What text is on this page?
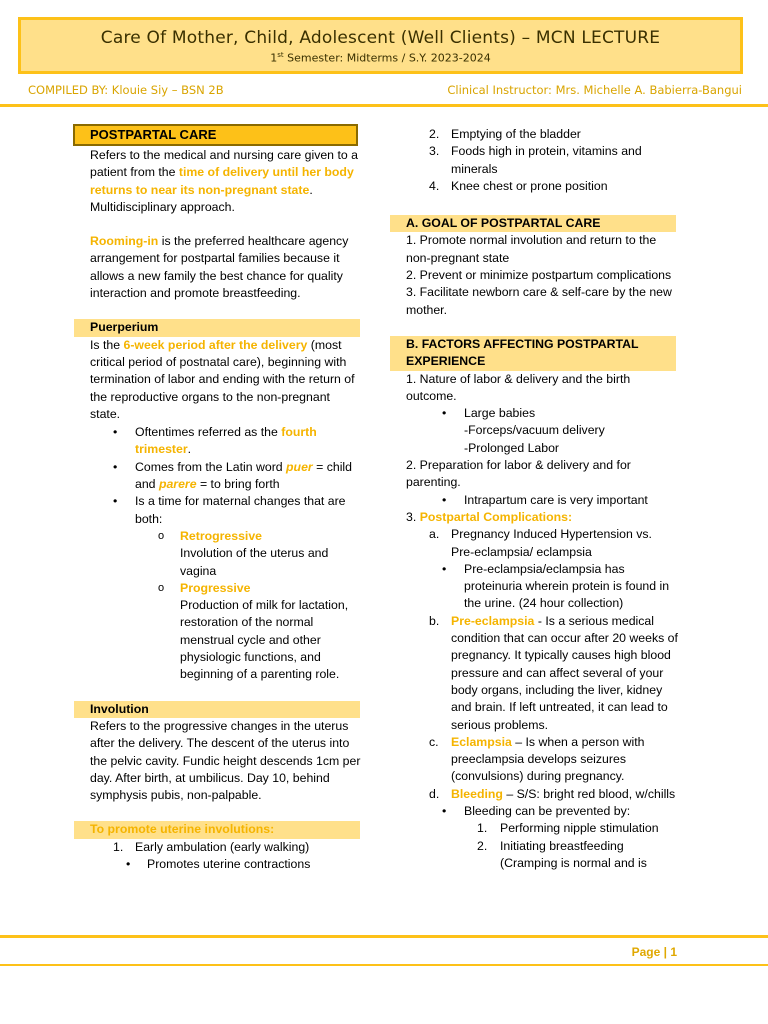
Care Of Mother, Child, Adolescent (Well Clients) – MCN LECTURE
1st Semester: Midterms / S.Y. 2023-2024
COMPILED BY: Klouie Siy – BSN 2B	Clinical Instructor: Mrs. Michelle A. Babierra-Bangui
POSTPARTAL CARE

Refers to the medical and nursing care given to a patient from the time of delivery until her body returns to near its non-pregnant state. Multidisciplinary approach.

Rooming-in is the preferred healthcare agency arrangement for postpartal families because it allows a new family the best chance for quality interaction and promote breastfeeding.

Puerperium

Is the 6-week period after the delivery (most critical period of postnatal care), beginning with termination of labor and ending with the return of the reproductive organs to the non-pregnant state.

• Oftentimes referred as the fourth trimester.
• Comes from the Latin word puer = child and parere = to bring forth
• Is a time for maternal changes that are both:
o Retrogressive
Involution of the uterus and vagina
o Progressive
Production of milk for lactation, restoration of the normal menstrual cycle and other physiologic functions, and beginning of a parenting role.
Involution

Refers to the progressive changes in the uterus after the delivery. The descent of the uterus into the pelvic cavity. Fundic height descends 1cm per day. After birth, at umbilicus. Day 10, behind symphysis pubis, non-palpable.

To promote uterine involutions:
1. Early ambulation (early walking)
• Promotes uterine contractions
2. Emptying of the bladder
3. Foods high in protein, vitamins and minerals
4. Knee chest or prone position
A. GOAL OF POSTPARTAL CARE

1. Promote normal involution and return to the non-pregnant state

2. Prevent or minimize postpartum complications

3. Facilitate newborn care & self-care by the new mother.

B. FACTORS AFFECTING POSTPARTAL EXPERIENCE

1. Nature of labor & delivery and the birth outcome.

• Large babies
-Forceps/vacuum delivery
-Prolonged Labor

2. Preparation for labor & delivery and for parenting.

• Intrapartum care is very important

3. Postpartal Complications:

a. Pregnancy Induced Hypertension vs. Pre-eclampsia/ eclampsia
• Pre-eclampsia/eclampsia has proteinuria wherein protein is found in the urine. (24 hour collection)
b. Pre-eclampsia - Is a serious medical condition that can occur after 20 weeks of pregnancy. It typically causes high blood pressure and can affect several of your body organs, including the liver, kidney and brain. If left untreated, it can lead to serious problems.
c. Eclampsia – Is when a person with preeclampsia develops seizures (convulsions) during pregnancy.
d. Bleeding – S/S: bright red blood, w/chills
• Bleeding can be prevented by:
1. Performing nipple stimulation
2. Initiating breastfeeding (Cramping is normal and is
Page | 1
